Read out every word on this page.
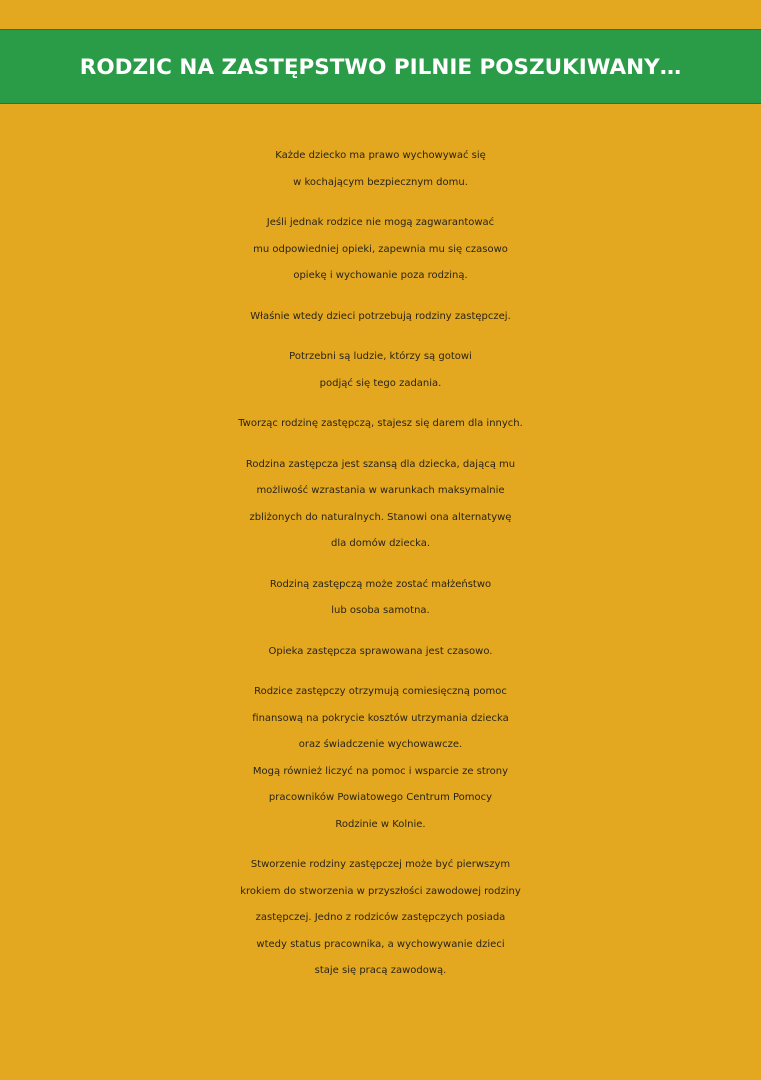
RODZIC NA ZASTĘPSTWO PILNIE POSZUKIWANY…

Każde dziecko ma prawo wychowywać się
w kochającym bezpiecznym domu.

Jeśli jednak rodzice nie mogą zagwarantować
mu odpowiedniej opieki, zapewnia mu się czasowo
opiekę i wychowanie poza rodziną.

Właśnie wtedy dzieci potrzebują rodziny zastępczej.

Potrzebni są ludzie, którzy są gotowi
podjąć się tego zadania.

Tworząc rodzinę zastępczą, stajesz się darem dla innych.

Rodzina zastępcza jest szansą dla dziecka, dającą mu
możliwość wzrastania w warunkach maksymalnie
zbliżonych do naturalnych. Stanowi ona alternatywę
dla domów dziecka.

Rodziną zastępczą może zostać małżeństwo
lub osoba samotna.

Opieka zastępcza sprawowana jest czasowo.

Rodzice zastępczy otrzymują comiesięczną pomoc
finansową na pokrycie kosztów utrzymania dziecka
oraz świadczenie wychowawcze.
Mogą również liczyć na pomoc i wsparcie ze strony
pracowników Powiatowego Centrum Pomocy
Rodzinie w Kolnie.

Stworzenie rodziny zastępczej może być pierwszym
krokiem do stworzenia w przyszłości zawodowej rodziny
zastępczej. Jedno z rodziców zastępczych posiada
wtedy status pracownika, a wychowywanie dzieci
staje się pracą zawodową.
